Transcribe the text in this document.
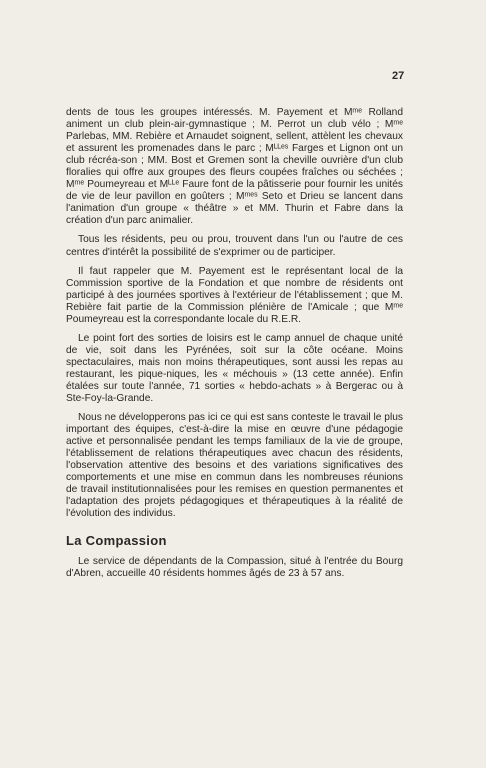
27

dents de tous les groupes intéressés. M. Payement et Mᵐᵉ Rolland animent un club plein-air-gymnastique ; M. Perrot un club vélo ; Mᵐᵉ Parlebas, MM. Rebière et Arnaudet soignent, sellent, attèlent les chevaux et assurent les promenades dans le parc ; Mᴸᴸᵉˢ Farges et Lignon ont un club récréa-son ; MM. Bost et Gremen sont la cheville ouvrière d'un club floralies qui offre aux groupes des fleurs coupées fraîches ou séchées ; Mᵐᵉ Poumeyreau et Mᴸᴸᵉ Faure font de la pâtisserie pour fournir les unités de vie de leur pavillon en goûters ; Mᵐᵉˢ Seto et Drieu se lancent dans l'animation d'un groupe « théâtre » et MM. Thurin et Fabre dans la création d'un parc animalier.

Tous les résidents, peu ou prou, trouvent dans l'un ou l'autre de ces centres d'intérêt la possibilité de s'exprimer ou de participer.

Il faut rappeler que M. Payement est le représentant local de la Commission sportive de la Fondation et que nombre de résidents ont participé à des journées sportives à l'extérieur de l'établissement ; que M. Rebière fait partie de la Commission plénière de l'Amicale ; que Mᵐᵉ Poumeyreau est la correspondante locale du R.E.R.

Le point fort des sorties de loisirs est le camp annuel de chaque unité de vie, soit dans les Pyrénées, soit sur la côte océane. Moins spectaculaires, mais non moins thérapeutiques, sont aussi les repas au restaurant, les pique-niques, les « méchouis » (13 cette année). Enfin étalées sur toute l'année, 71 sorties « hebdo-achats » à Bergerac ou à Ste-Foy-la-Grande.

Nous ne développerons pas ici ce qui est sans conteste le travail le plus important des équipes, c'est-à-dire la mise en œuvre d'une pédagogie active et personnalisée pendant les temps familiaux de la vie de groupe, l'établissement de relations thérapeutiques avec chacun des résidents, l'observation attentive des besoins et des variations significatives des comportements et une mise en commun dans les nombreuses réunions de travail institutionnalisées pour les remises en question permanentes et l'adaptation des projets pédagogiques et thérapeutiques à la réalité de l'évolution des individus.

La Compassion

Le service de dépendants de la Compassion, situé à l'entrée du Bourg d'Abren, accueille 40 résidents hommes âgés de 23 à 57 ans.
